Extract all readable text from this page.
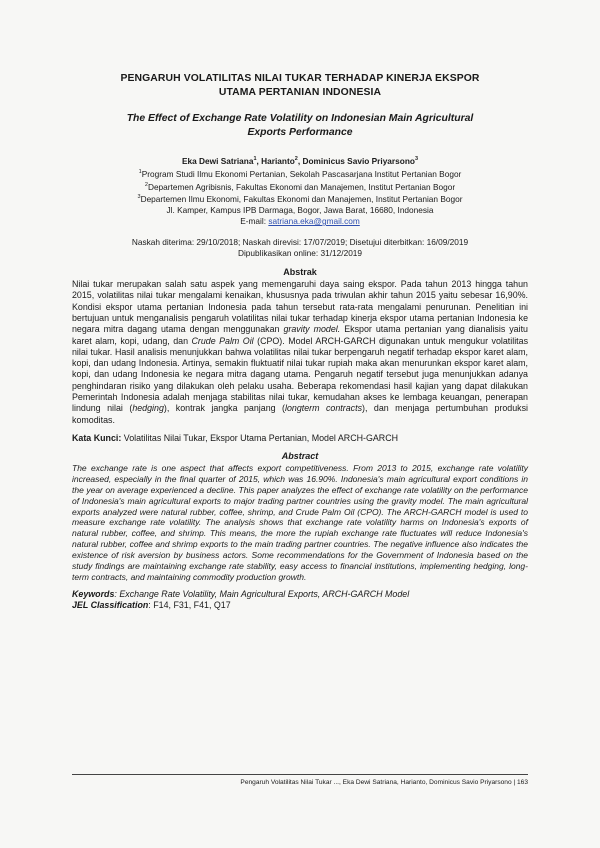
PENGARUH VOLATILITAS NILAI TUKAR TERHADAP KINERJA EKSPOR
UTAMA PERTANIAN INDONESIA

The Effect of Exchange Rate Volatility on Indonesian Main Agricultural
Exports Performance

Eka Dewi Satriana$^1$, Harianto$^2$, Dominicus Savio Priyarsono$^3$
$^1$Program Studi Ilmu Ekonomi Pertanian, Sekolah Pascasarjana Institut Pertanian Bogor
$^2$Departemen Agribisnis, Fakultas Ekonomi dan Manajemen, Institut Pertanian Bogor
$^3$Departemen Ilmu Ekonomi, Fakultas Ekonomi dan Manajemen, Institut Pertanian Bogor
Jl. Kamper, Kampus IPB Darmaga, Bogor, Jawa Barat, 16680, Indonesia
E-mail: satriana.eka@gmail.com
Naskah diterima: 29/10/2018; Naskah direvisi: 17/07/2019; Disetujui diterbitkan: 16/09/2019
Dipublikasikan online: 31/12/2019
Abstrak

Nilai tukar merupakan salah satu aspek yang memengaruhi daya saing ekspor. Pada tahun 2013 hingga tahun 2015, volatilitas nilai tukar mengalami kenaikan, khususnya pada triwulan akhir tahun 2015 yaitu sebesar 16,90%. Kondisi ekspor utama pertanian Indonesia pada tahun tersebut rata-rata mengalami penurunan. Penelitian ini bertujuan untuk menganalisis pengaruh volatilitas nilai tukar terhadap kinerja ekspor utama pertanian Indonesia ke negara mitra dagang utama dengan menggunakan gravity model. Ekspor utama pertanian yang dianalisis yaitu karet alam, kopi, udang, dan Crude Palm Oil (CPO). Model ARCH-GARCH digunakan untuk mengukur volatilitas nilai tukar. Hasil analisis menunjukkan bahwa volatilitas nilai tukar berpengaruh negatif terhadap ekspor karet alam, kopi, dan udang Indonesia. Artinya, semakin fluktuatif nilai tukar rupiah maka akan menurunkan ekspor karet alam, kopi, dan udang Indonesia ke negara mitra dagang utama. Pengaruh negatif tersebut juga menunjukkan adanya penghindaran risiko yang dilakukan oleh pelaku usaha. Beberapa rekomendasi hasil kajian yang dapat dilakukan Pemerintah Indonesia adalah menjaga stabilitas nilai tukar, kemudahan akses ke lembaga keuangan, penerapan lindung nilai (hedging), kontrak jangka panjang (longterm contracts), dan menjaga pertumbuhan produksi komoditas.

Kata Kunci: Volatilitas Nilai Tukar, Ekspor Utama Pertanian, Model ARCH-GARCH
Abstract

The exchange rate is one aspect that affects export competitiveness. From 2013 to 2015, exchange rate volatility increased, especially in the final quarter of 2015, which was 16.90%. Indonesia's main agricultural export conditions in the year on average experienced a decline. This paper analyzes the effect of exchange rate volatility on the performance of Indonesia's main agricultural exports to major trading partner countries using the gravity model. The main agricultural exports analyzed were natural rubber, coffee, shrimp, and Crude Palm Oil (CPO). The ARCH-GARCH model is used to measure exchange rate volatility. The analysis shows that exchange rate volatility harms on Indonesia's exports of natural rubber, coffee, and shrimp. This means, the more the rupiah exchange rate fluctuates will reduce Indonesia's natural rubber, coffee and shrimp exports to the main trading partner countries. The negative influence also indicates the existence of risk aversion by business actors. Some recommendations for the Government of Indonesia based on the study findings are maintaining exchange rate stability, easy access to financial institutions, implementing hedging, long-term contracts, and maintaining commodity production growth.

Keywords: Exchange Rate Volatility, Main Agricultural Exports, ARCH-GARCH Model
JEL Classification: F14, F31, F41, Q17
Pengaruh Volatilitas Nilai Tukar ..., Eka Dewi Satriana, Harianto, Dominicus Savio Priyarsono | 163
